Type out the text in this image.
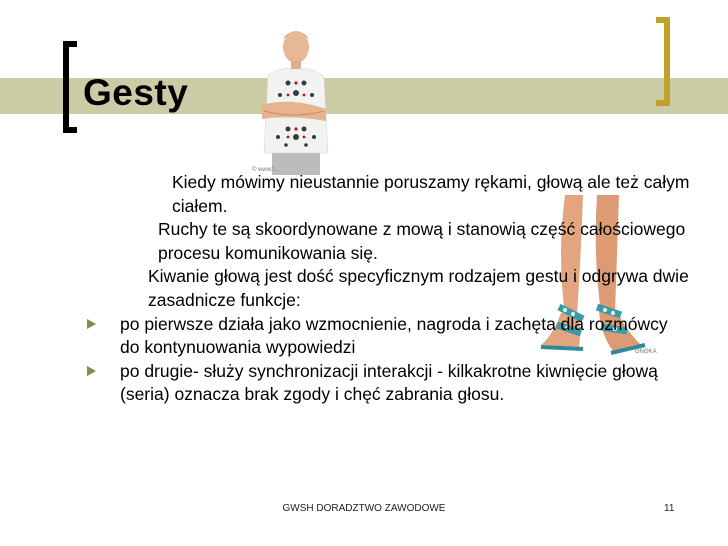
Gesty
© www.f...
ΘNΘKA

Kiedy mówimy nieustannie poruszamy rękami, głową ale też całym ciałem.

Ruchy te są skoordynowane z mową i stanowią część całościowego procesu komunikowania się.

Kiwanie głową jest dość specyficznym rodzajem gestu i odgrywa dwie zasadnicze funkcje:

po pierwsze działa jako wzmocnienie, nagroda i zachęta dla rozmówcy do kontynuowania wypowiedzi

po drugie- służy synchronizacji interakcji - kilkakrotne kiwnięcie głową (seria) oznacza brak zgody i chęć zabrania głosu.

GWSH DORADZTWO ZAWODOWE	11
